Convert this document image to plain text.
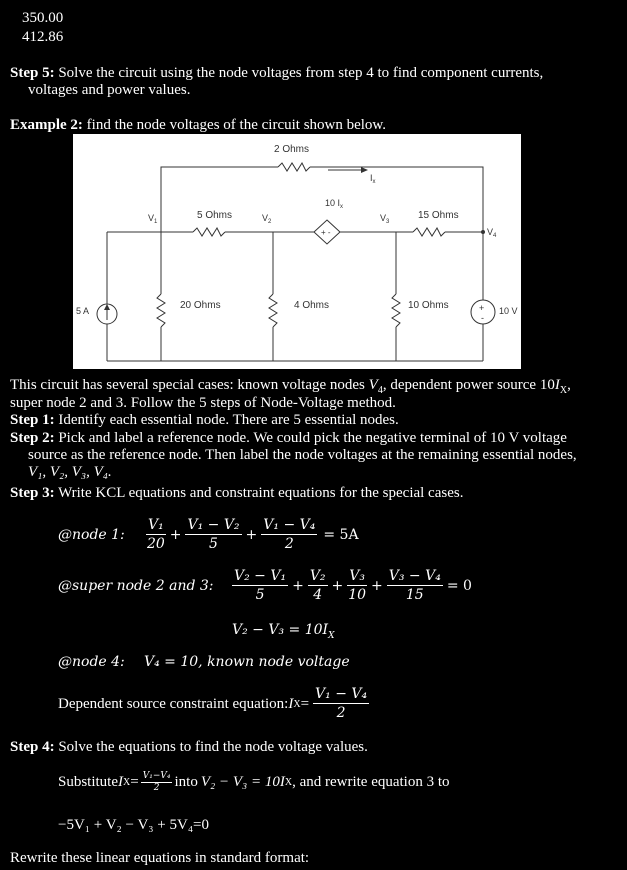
350.00
412.86
Step 5: Solve the circuit using the node voltages from step 4 to find component currents,
voltages and power values.
Example 2: find the node voltages of the circuit shown below.
+ -
+
-
2 Ohms
$I_x$
10 $I_x$
5 Ohms	15 Ohms
$V_1$	$V_2$	$V_3$
$V_4$
5 A	20 Ohms	4 Ohms	10 Ohms	10 V
This circuit has several special cases: known voltage nodes $V_4$, dependent power source $10I_X$,
super node 2 and 3. Follow the 5 steps of Node-Voltage method.
Step 1: Identify each essential node. There are 5 essential nodes.
Step 2: Pick and label a reference node. We could pick the negative terminal of 10 V voltage
source as the reference node. Then label the node voltages at the remaining essential nodes,
V₁, V₂, V₃, V₄.
Step 3: Write KCL equations and constraint equations for the special cases.
@node 1:	$\frac{\text{V₁}}{20} + \frac{\text{V₁ − V₂}}{5} + \frac{\text{V₁ − V₄}}{2} = 5A$
@super node 2 and 3:	$\frac{\text{V₂ − V₁}}{5} + \frac{\text{V₂}}{4} + \frac{\text{V₃}}{10} + \frac{\text{V₃ − V₄}}{15} = 0$
$V_2 - V_3 = 10I_X$
@node 4: V₄ = 10, known node voltage
Dependent source constraint equation: I $X = \frac{\text{V₁ − V₄}}{2}$
Step 4: Solve the equations to find the node voltage values.
Substitute I $X = \frac{\text{V₁−V₄}}{2}$ into V₂ − V₃ = 10I X , and rewrite equation 3 to
−5V₁ + V₂ − V₃ + 5V₄=0
Rewrite these linear equations in standard format:
